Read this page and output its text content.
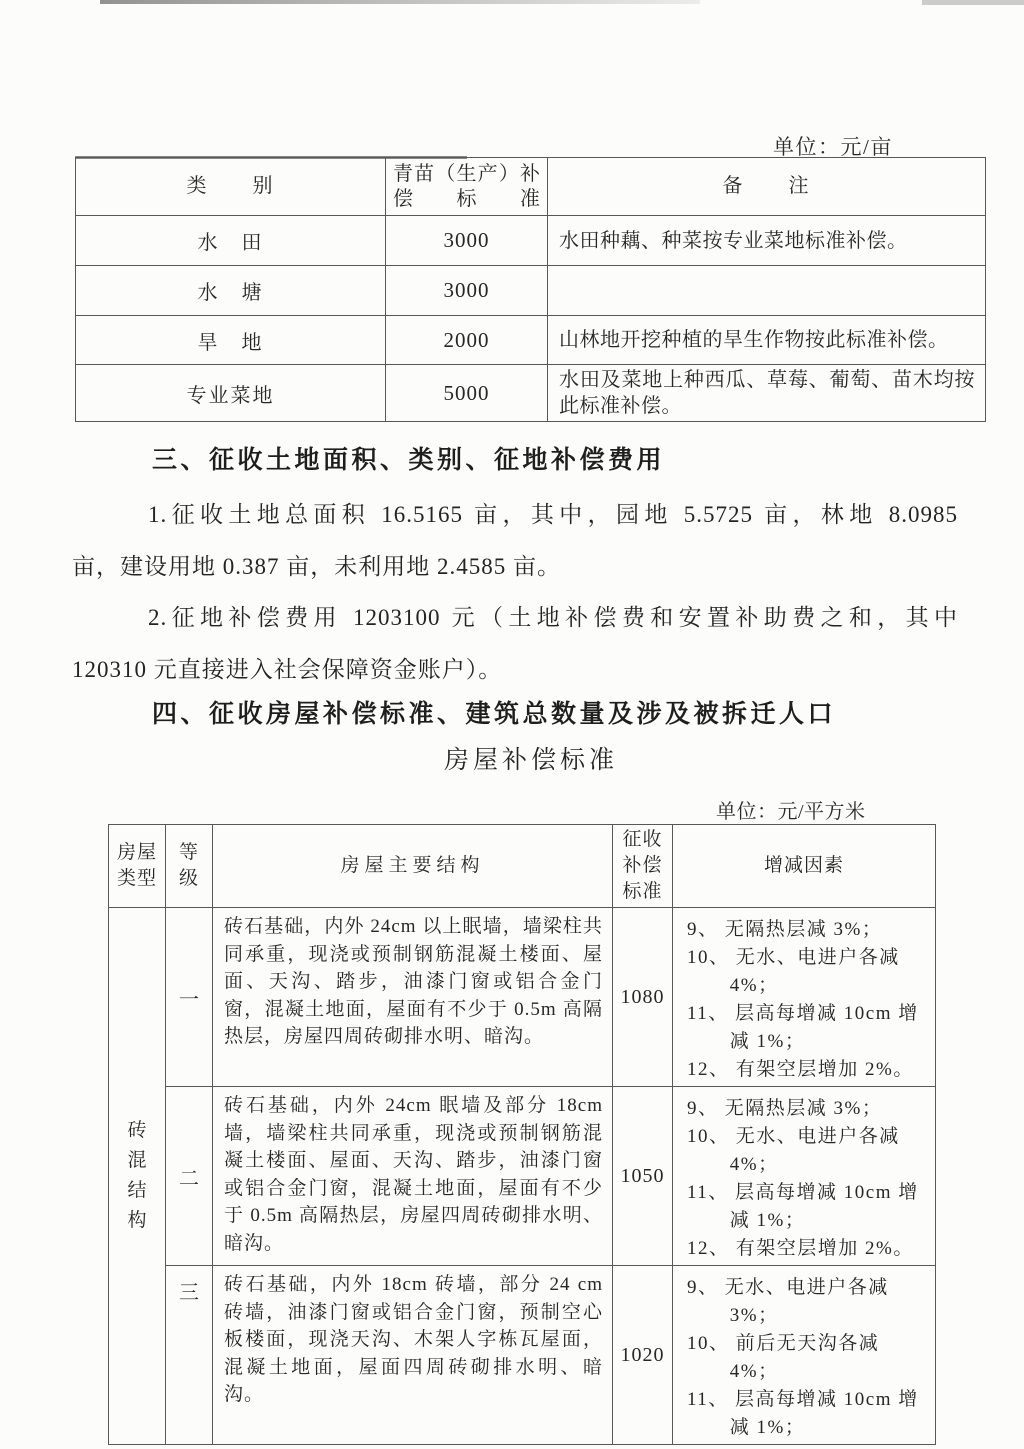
单位：元/亩
类　　别	青苗（生产）补偿标准	备　　注
水　田	3000	水田种藕、种菜按专业菜地标准补偿。
水　塘	3000	
旱　地	2000	山林地开挖种植的旱生作物按此标准补偿。
专业菜地	5000	水田及菜地上种西瓜、草莓、葡萄、苗木均按此标准补偿。
三、征收土地面积、类别、征地补偿费用
1.征收土地总面积 16.5165 亩，其中，园地 5.5725 亩，林地 8.0985
亩，建设用地 0.387 亩，未利用地 2.4585 亩。
2.征地补偿费用 1203100 元（土地补偿费和安置补助费之和，其中
120310 元直接进入社会保障资金账户）。
四、征收房屋补偿标准、建筑总数量及涉及被拆迁人口
房屋补偿标准
单位：元/平方米
房屋类型	等级	房屋主要结构	征收补偿标准	增减因素
砖混结构	一	砖石基础，内外 24cm 以上眠墙，墙梁柱共同承重，现浇或预制钢筋混凝土楼面、屋面、天沟、踏步，油漆门窗或铝合金门窗，混凝土地面，屋面有不少于 0.5m 高隔热层，房屋四周砖砌排水明、暗沟。	1080	9、 无隔热层减 3%；
10、 无水、电进户各减 4%；
11、 层高每增减 10cm 增减 1%；
12、 有架空层增加 2%。

	二	砖石基础，内外 24cm 眠墙及部分 18cm 墙，墙梁柱共同承重，现浇或预制钢筋混凝土楼面、屋面、天沟、踏步，油漆门窗或铝合金门窗，混凝土地面，屋面有不少于 0.5m 高隔热层，房屋四周砖砌排水明、暗沟。	1050	9、 无隔热层减 3%；
10、 无水、电进户各减 4%；
11、 层高每增减 10cm 增减 1%；
12、 有架空层增加 2%。

	三	砖石基础，内外 18cm 砖墙，部分 24 cm 砖墙，油漆门窗或铝合金门窗，预制空心板楼面，现浇天沟、木架人字栋瓦屋面，混凝土地面，屋面四周砖砌排水明、暗沟。	1020	9、 无水、电进户各减 3%；
10、 前后无天沟各减 4%；
11、 层高每增减 10cm 增减 1%；
